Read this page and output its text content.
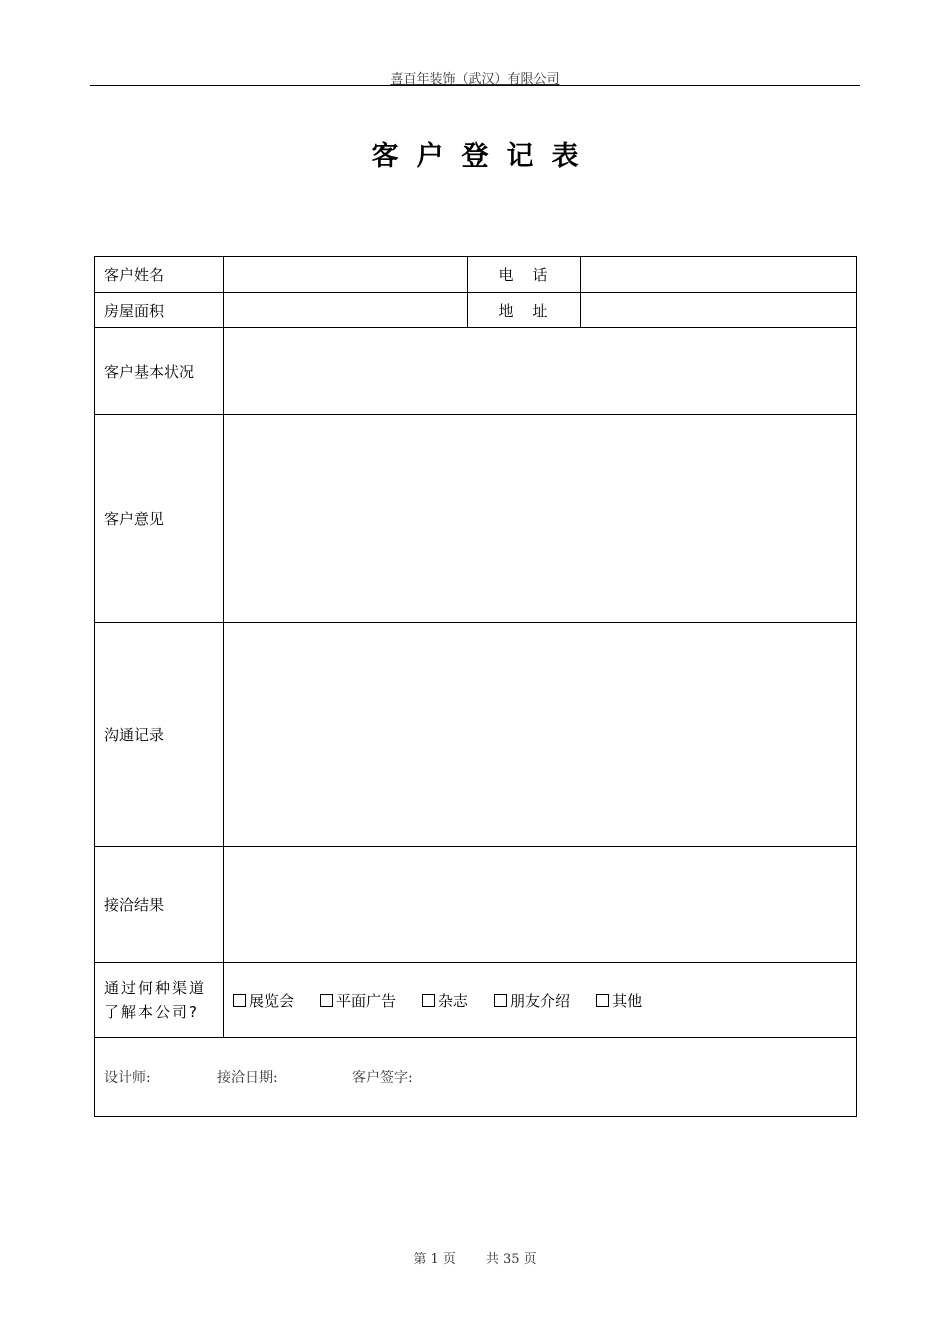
喜百年装饰（武汉）有限公司
客户登记表
客户姓名		电　话	
房屋面积		地　址	
客户基本状况			
客户意见			
沟通记录			
接洽结果			
通过何种渠道了解本公司?	展览会 平面广告 杂志 朋友介绍 其他		

设计师: 接洽日期: 客户签字:			
第 1 页 共 35 页
